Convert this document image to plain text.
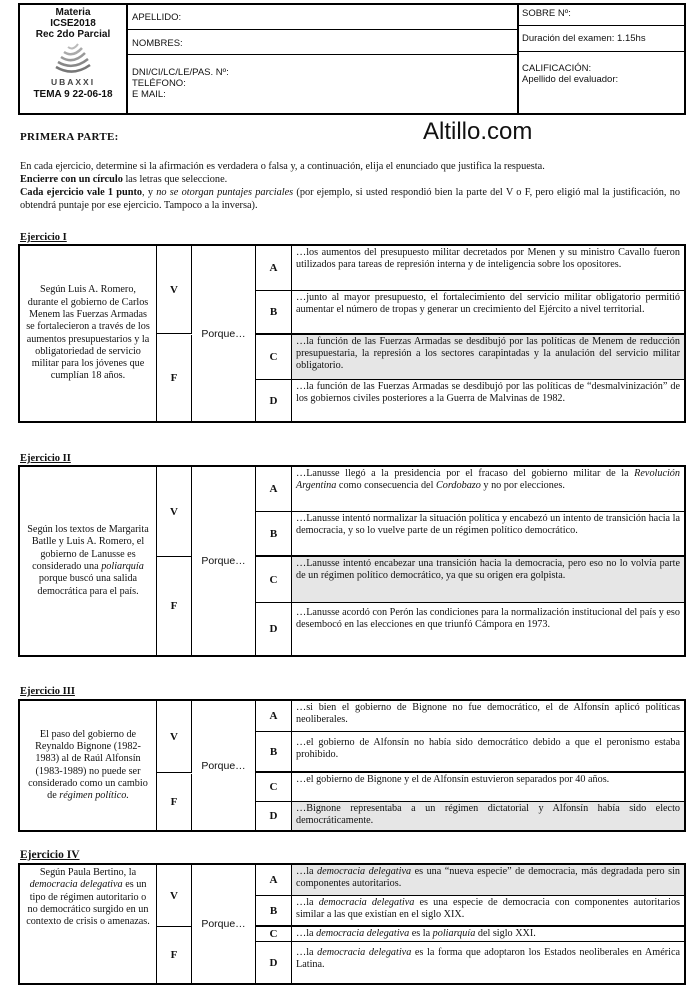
Materia
ICSE2018
Rec 2do Parcial
UBAXXI
TEMA 9 22-06-18
APELLIDO:
NOMBRES:
DNI/CI/LC/LE/PAS. Nº:
TELÉFONO:
E MAIL:
SOBRE Nº:
Duración del examen: 1.15hs
CALIFICACIÓN:
Apellido del evaluador:
Altillo.com
PRIMERA PARTE:
En cada ejercicio, determine si la afirmación es verdadera o falsa y, a continuación, elija el enunciado que justifica la respuesta.
Encierre con un círculo las letras que seleccione.
Cada ejercicio vale 1 punto, y no se otorgan puntajes parciales (por ejemplo, si usted respondió bien la parte del V o F, pero eligió mal la justificación, no obtendrá puntaje por ese ejercicio. Tampoco a la inversa).
Ejercicio I
Según Luis A. Romero, durante el gobierno de Carlos Menem las Fuerzas Armadas se fortalecieron a través de los aumentos presupuestarios y la obligatoriedad de servicio militar para los jóvenes que cumplían 18 años.
V
F
Porque…
A
…los aumentos del presupuesto militar decretados por Menen y su ministro Cavallo fueron utilizados para tareas de represión interna y de inteligencia sobre los opositores.
B
…junto al mayor presupuesto, el fortalecimiento del servicio militar obligatorio permitió aumentar el número de tropas y generar un crecimiento del Ejército a nivel territorial.
C
…la función de las Fuerzas Armadas se desdibujó por las políticas de Menem de reducción presupuestaria, la represión a los sectores carapintadas y la anulación del servicio militar obligatorio.
D
…la función de las Fuerzas Armadas se desdibujó por las políticas de “desmalvinización” de los gobiernos civiles posteriores a la Guerra de Malvinas de 1982.
Ejercicio II
Según los textos de Margarita Batlle y Luis A. Romero, el gobierno de Lanusse es considerado una poliarquía porque buscó una salida democrática para el país.
V
F
Porque…
A
…Lanusse llegó a la presidencia por el fracaso del gobierno militar de la Revolución Argentina como consecuencia del Cordobazo y no por elecciones.
B
…Lanusse intentó normalizar la situación política y encabezó un intento de transición hacia la democracia, y so lo vuelve parte de un régimen político democrático.
C
…Lanusse intentó encabezar una transición hacia la democracia, pero eso no lo volvía parte de un régimen político democrático, ya que su origen era golpista.
D
…Lanusse acordó con Perón las condiciones para la normalización institucional del país y eso desembocó en las elecciones en que triunfó Cámpora en 1973.
Ejercicio III
El paso del gobierno de Reynaldo Bignone (1982-1983) al de Raúl Alfonsín (1983-1989) no puede ser considerado como un cambio de régimen político.
V
F
Porque…
A
…si bien el gobierno de Bignone no fue democrático, el de Alfonsín aplicó políticas neoliberales.
B
…el gobierno de Alfonsín no había sido democrático debido a que el peronismo estaba prohibido.
C
…el gobierno de Bignone y el de Alfonsín estuvieron separados por 40 años.
D
…Bignone representaba a un régimen dictatorial y Alfonsín había sido electo democráticamente.
Ejercicio IV
Según Paula Bertino, la democracia delegativa es un tipo de régimen autoritario o no democrático surgido en un contexto de crisis o amenazas.
V
F
Porque…
A
…la democracia delegativa es una “nueva especie” de democracia, más degradada pero sin componentes autoritarios.
B
…la democracia delegativa es una especie de democracia con componentes autoritarios similar a las que existían en el siglo XIX.
C	…la democracia delegativa es la poliarquía del siglo XXI.
D
…la democracia delegativa es la forma que adoptaron los Estados neoliberales en América Latina.
